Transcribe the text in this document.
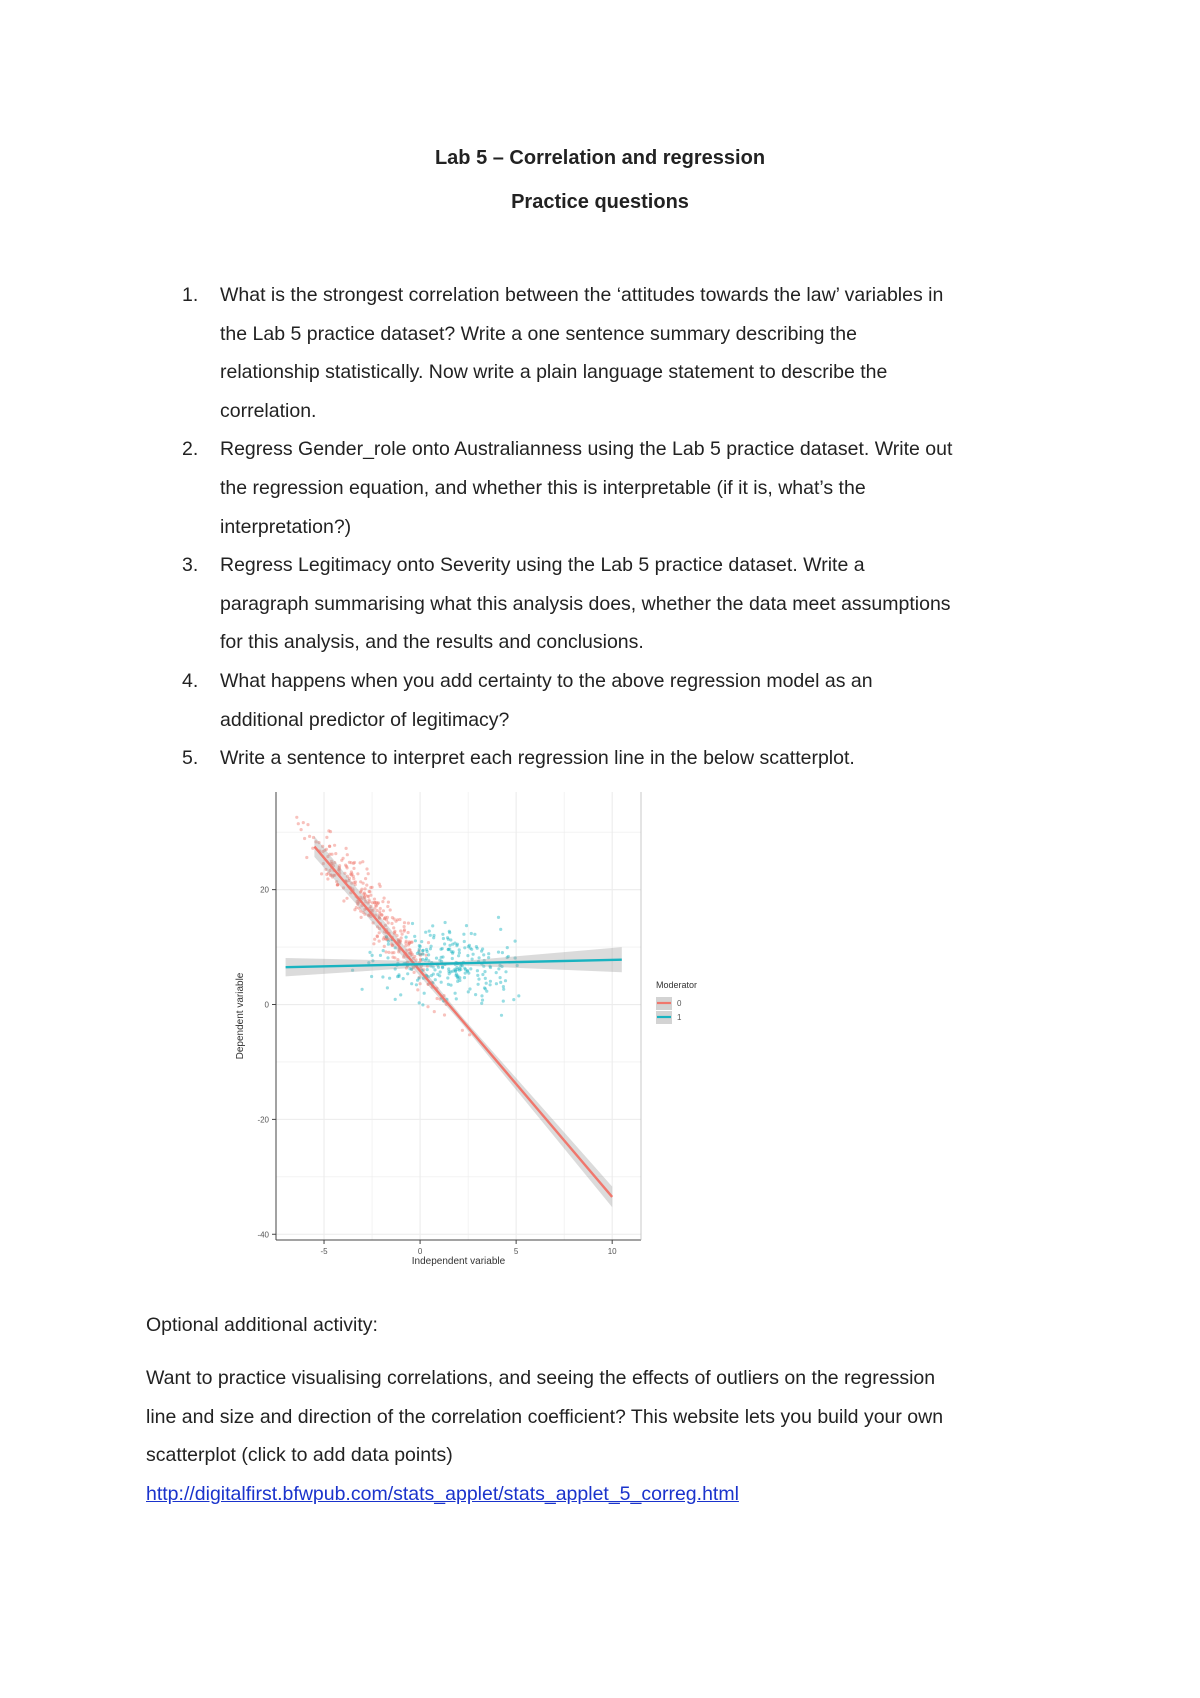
Lab 5 – Correlation and regression
Practice questions
1. What is the strongest correlation between the ‘attitudes towards the law’ variables in
the Lab 5 practice dataset? Write a one sentence summary describing the
relationship statistically. Now write a plain language statement to describe the
correlation.
2. Regress Gender_role onto Australianness using the Lab 5 practice dataset. Write out
the regression equation, and whether this is interpretable (if it is, what’s the
interpretation?)
3. Regress Legitimacy onto Severity using the Lab 5 practice dataset. Write a
paragraph summarising what this analysis does, whether the data meet assumptions
for this analysis, and the results and conclusions.
4. What happens when you add certainty to the above regression model as an
additional predictor of legitimacy?
5. Write a sentence to interpret each regression line in the below scatterplot.
-5	0	5	10
20
0
-20
-40
Independent variable
Dependent variable	Moderator
0
1
Optional additional activity:
Want to practice visualising correlations, and seeing the effects of outliers on the regression
line and size and direction of the correlation coefficient? This website lets you build your own
scatterplot (click to add data points)
http://digitalfirst.bfwpub.com/stats_applet/stats_applet_5_correg.html
